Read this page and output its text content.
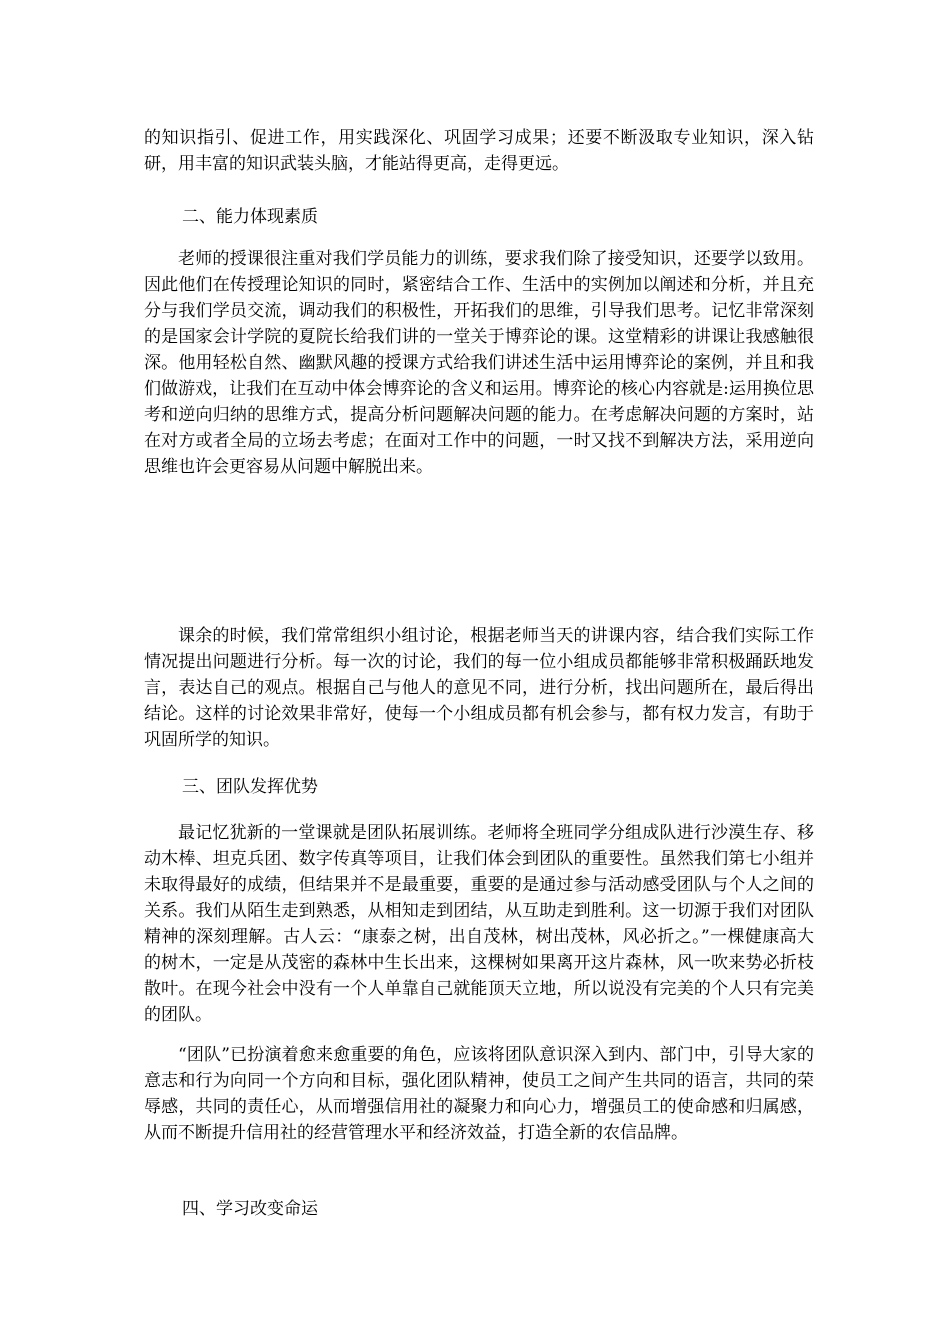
的知识指引、促进工作，用实践深化、巩固学习成果；还要不断汲取专业知识，深入钻研，用丰富的知识武装头脑，才能站得更高，走得更远。

二、能力体现素质

老师的授课很注重对我们学员能力的训练，要求我们除了接受知识，还要学以致用。因此他们在传授理论知识的同时，紧密结合工作、生活中的实例加以阐述和分析，并且充分与我们学员交流，调动我们的积极性，开拓我们的思维，引导我们思考。记忆非常深刻的是国家会计学院的夏院长给我们讲的一堂关于博弈论的课。这堂精彩的讲课让我感触很深。他用轻松自然、幽默风趣的授课方式给我们讲述生活中运用博弈论的案例，并且和我们做游戏，让我们在互动中体会博弈论的含义和运用。博弈论的核心内容就是:运用换位思考和逆向归纳的思维方式，提高分析问题解决问题的能力。在考虑解决问题的方案时，站在对方或者全局的立场去考虑；在面对工作中的问题，一时又找不到解决方法，采用逆向思维也许会更容易从问题中解脱出来。

课余的时候，我们常常组织小组讨论，根据老师当天的讲课内容，结合我们实际工作情况提出问题进行分析。每一次的讨论，我们的每一位小组成员都能够非常积极踊跃地发言，表达自己的观点。根据自己与他人的意见不同，进行分析，找出问题所在，最后得出结论。这样的讨论效果非常好，使每一个小组成员都有机会参与，都有权力发言，有助于巩固所学的知识。

三、团队发挥优势

最记忆犹新的一堂课就是团队拓展训练。老师将全班同学分组成队进行沙漠生存、移动木棒、坦克兵团、数字传真等项目，让我们体会到团队的重要性。虽然我们第七小组并未取得最好的成绩，但结果并不是最重要，重要的是通过参与活动感受团队与个人之间的关系。我们从陌生走到熟悉，从相知走到团结，从互助走到胜利。这一切源于我们对团队精神的深刻理解。古人云：“康泰之树，出自茂林，树出茂林，风必折之。”一棵健康高大的树木，一定是从茂密的森林中生长出来，这棵树如果离开这片森林，风一吹来势必折枝散叶。在现今社会中没有一个人单靠自己就能顶天立地，所以说没有完美的个人只有完美的团队。

“团队”已扮演着愈来愈重要的角色，应该将团队意识深入到内、部门中，引导大家的意志和行为向同一个方向和目标，强化团队精神，使员工之间产生共同的语言，共同的荣辱感，共同的责任心，从而增强信用社的凝聚力和向心力，增强员工的使命感和归属感，从而不断提升信用社的经营管理水平和经济效益，打造全新的农信品牌。

四、学习改变命运
